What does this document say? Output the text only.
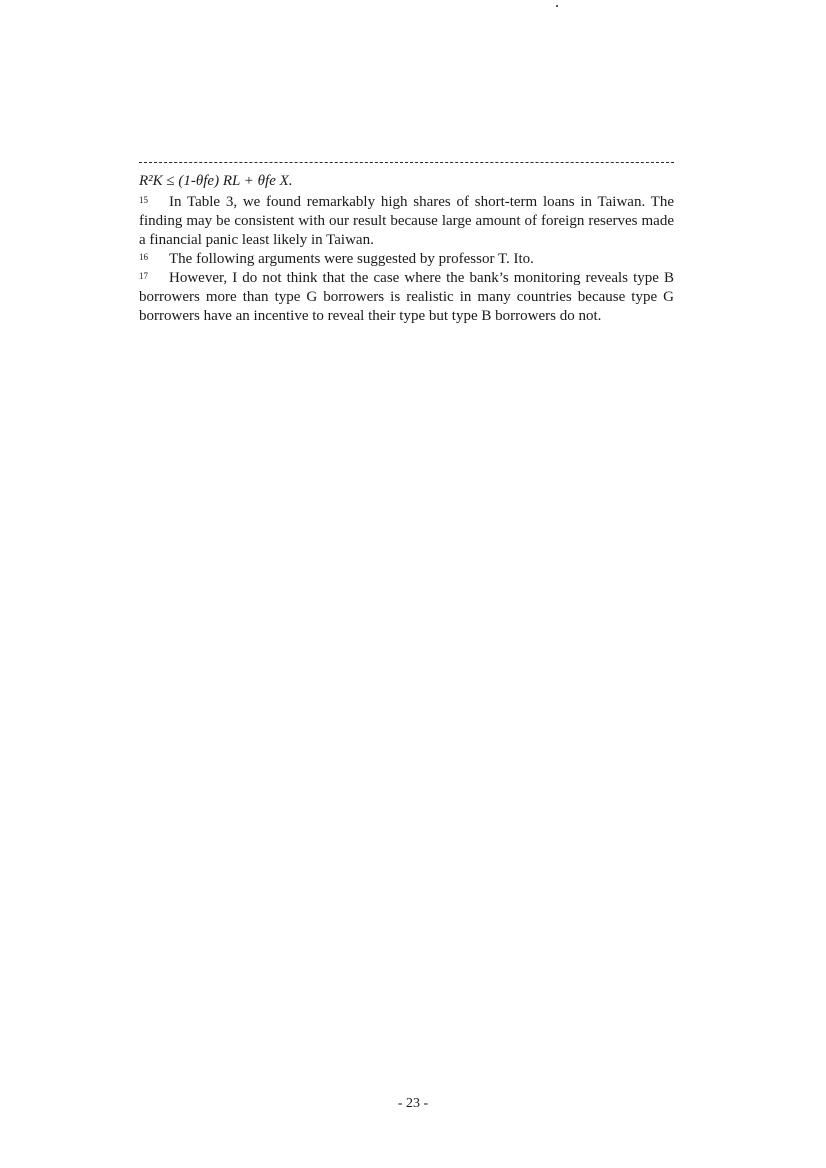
R²K ≤ (1-θfe) RL + θfe X.

15 In Table 3, we found remarkably high shares of short-term loans in Taiwan. The finding may be consistent with our result because large amount of foreign reserves made a financial panic least likely in Taiwan.

16 The following arguments were suggested by professor T. Ito.

17 However, I do not think that the case where the bank’s monitoring reveals type B borrowers more than type G borrowers is realistic in many countries because type G borrowers have an incentive to reveal their type but type B borrowers do not.

- 23 -
